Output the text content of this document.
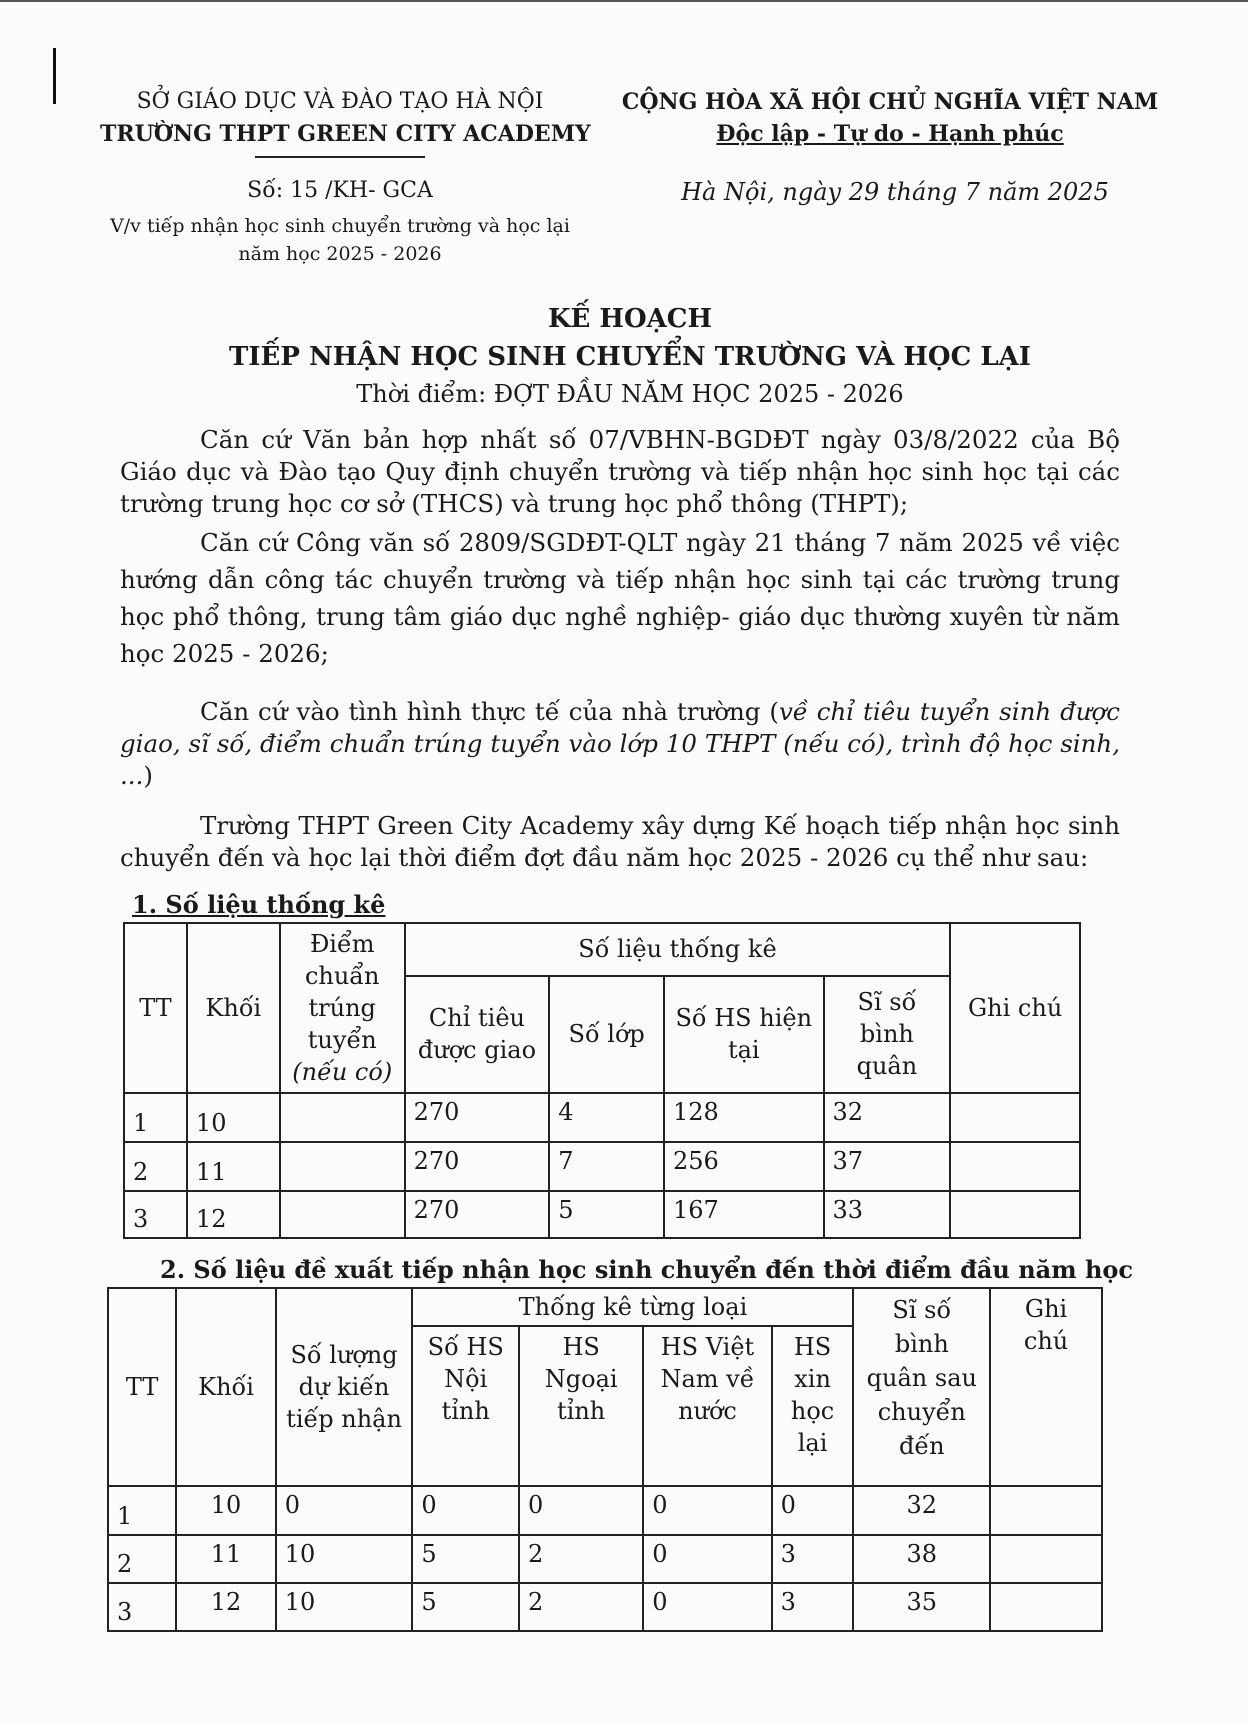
SỞ GIÁO DỤC VÀ ĐÀO TẠO HÀ NỘI
TRƯỜNG THPT GREEN CITY ACADEMY
CỘNG HÒA XÃ HỘI CHỦ NGHĨA VIỆT NAM
Độc lập - Tự do - Hạnh phúc
Số: 15 /KH- GCA
V/v tiếp nhận học sinh chuyển trường và học lại
năm học 2025 - 2026
Hà Nội, ngày 29 tháng 7 năm 2025
KẾ HOẠCH
TIẾP NHẬN HỌC SINH CHUYỂN TRƯỜNG VÀ HỌC LẠI
Thời điểm: ĐỢT ĐẦU NĂM HỌC 2025 - 2026
Căn cứ Văn bản hợp nhất số 07/VBHN-BGDĐT ngày 03/8/2022 của Bộ Giáo dục và Đào tạo Quy định chuyển trường và tiếp nhận học sinh học tại các trường trung học cơ sở (THCS) và trung học phổ thông (THPT);
Căn cứ Công văn số 2809/SGDĐT-QLT ngày 21 tháng 7 năm 2025 về việc hướng dẫn công tác chuyển trường và tiếp nhận học sinh tại các trường trung học phổ thông, trung tâm giáo dục nghề nghiệp- giáo dục thường xuyên từ năm học 2025 - 2026;
Căn cứ vào tình hình thực tế của nhà trường (về chỉ tiêu tuyển sinh được giao, sĩ số, điểm chuẩn trúng tuyển vào lớp 10 THPT (nếu có), trình độ học sinh, ...)
Trường THPT Green City Academy xây dựng Kế hoạch tiếp nhận học sinh chuyển đến và học lại thời điểm đợt đầu năm học 2025 - 2026 cụ thể như sau:
1. Số liệu thống kê
TT	Khối	Điểm chuẩn trúng tuyển
(nếu có)	Số liệu thống kê				Ghi chú
			Chỉ tiêu được giao	Số lớp	Số HS hiện tại	Sĩ số bình quân	
1	10		270	4	128	32	
2	11		270	7	256	37	
3	12		270	5	167	33	
2. Số liệu đề xuất tiếp nhận học sinh chuyển đến thời điểm đầu năm học
TT	Khối	Số lượng dự kiến tiếp nhận	Thống kê từng loại				Sĩ số bình quân sau chuyển đến	Ghi chú
			Số HS Nội tỉnh	HS Ngoại tỉnh	HS Việt Nam về nước	HS xin học lại		
1	10	0	0	0	0	0	32	
2	11	10	5	2	0	3	38	
3	12	10	5	2	0	3	35	
